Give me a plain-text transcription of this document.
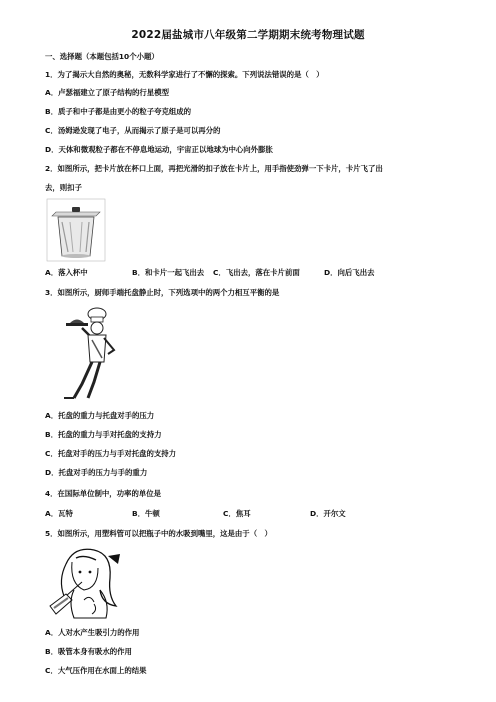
2022届盐城市八年级第二学期期末统考物理试题
一、选择题（本题包括10个小题）
1．为了揭示大自然的奥秘，无数科学家进行了不懈的探索。下列说法错误的是（　）
A．卢瑟福建立了原子结构的行星模型
B．质子和中子都是由更小的粒子夸克组成的
C．汤姆逊发现了电子，从而揭示了原子是可以再分的
D．天体和微观粒子都在不停息地运动，宇宙正以地球为中心向外膨胀
2．如图所示，把卡片放在杯口上面，再把光滑的扣子放在卡片上，用手指使劲弹一下卡片，卡片飞了出
去，则扣子
A．落入杯中	B．和卡片一起飞出去 C．飞出去，落在卡片前面	D．向后飞出去
3．如图所示，厨师手端托盘静止时，下列选项中的两个力相互平衡的是
A．托盘的重力与托盘对手的压力
B．托盘的重力与手对托盘的支持力
C．托盘对手的压力与手对托盘的支持力
D．托盘对手的压力与手的重力
4．在国际单位制中，功率的单位是
A．瓦特	B．牛顿	C．焦耳	D．开尔文
5．如图所示，用塑料管可以把瓶子中的水吸到嘴里，这是由于（　）
A．人对水产生吸引力的作用
B．吸管本身有吸水的作用
C．大气压作用在水面上的结果
